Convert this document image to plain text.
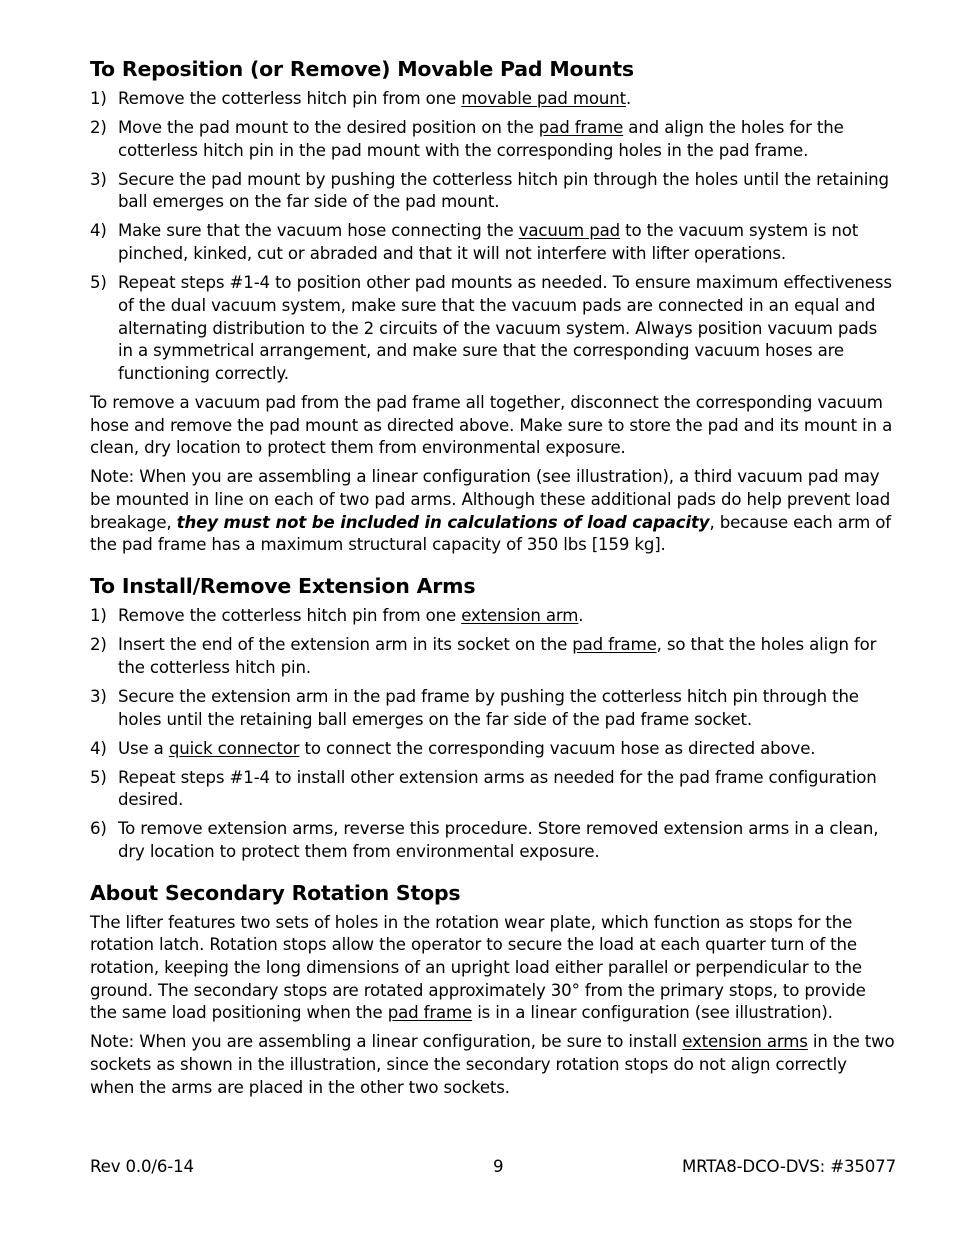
To Reposition (or Remove) Movable Pad Mounts
1) Remove the cotterless hitch pin from one movable pad mount.
2) Move the pad mount to the desired position on the pad frame and align the holes for the cotterless hitch pin in the pad mount with the corresponding holes in the pad frame.
3) Secure the pad mount by pushing the cotterless hitch pin through the holes until the retaining ball emerges on the far side of the pad mount.
4) Make sure that the vacuum hose connecting the vacuum pad to the vacuum system is not pinched, kinked, cut or abraded and that it will not interfere with lifter operations.
5) Repeat steps #1-4 to position other pad mounts as needed. To ensure maximum effectiveness of the dual vacuum system, make sure that the vacuum pads are connected in an equal and alternating distribution to the 2 circuits of the vacuum system. Always position vacuum pads in a symmetrical arrangement, and make sure that the corresponding vacuum hoses are functioning correctly.

To remove a vacuum pad from the pad frame all together, disconnect the corresponding vacuum hose and remove the pad mount as directed above. Make sure to store the pad and its mount in a clean, dry location to protect them from environmental exposure.

Note: When you are assembling a linear configuration (see illustration), a third vacuum pad may be mounted in line on each of two pad arms. Although these additional pads do help prevent load breakage, they must not be included in calculations of load capacity, because each arm of the pad frame has a maximum structural capacity of 350 lbs [159 kg].

To Install/Remove Extension Arms
1) Remove the cotterless hitch pin from one extension arm.
2) Insert the end of the extension arm in its socket on the pad frame, so that the holes align for the cotterless hitch pin.
3) Secure the extension arm in the pad frame by pushing the cotterless hitch pin through the holes until the retaining ball emerges on the far side of the pad frame socket.
4) Use a quick connector to connect the corresponding vacuum hose as directed above.
5) Repeat steps #1-4 to install other extension arms as needed for the pad frame configuration desired.
6) To remove extension arms, reverse this procedure. Store removed extension arms in a clean, dry location to protect them from environmental exposure.
About Secondary Rotation Stops

The lifter features two sets of holes in the rotation wear plate, which function as stops for the rotation latch. Rotation stops allow the operator to secure the load at each quarter turn of the rotation, keeping the long dimensions of an upright load either parallel or perpendicular to the ground. The secondary stops are rotated approximately 30° from the primary stops, to provide the same load positioning when the pad frame is in a linear configuration (see illustration).

Note: When you are assembling a linear configuration, be sure to install extension arms in the two sockets as shown in the illustration, since the secondary rotation stops do not align correctly when the arms are placed in the other two sockets.

Rev 0.0/6-14	9	MRTA8-DCO-DVS: #35077
